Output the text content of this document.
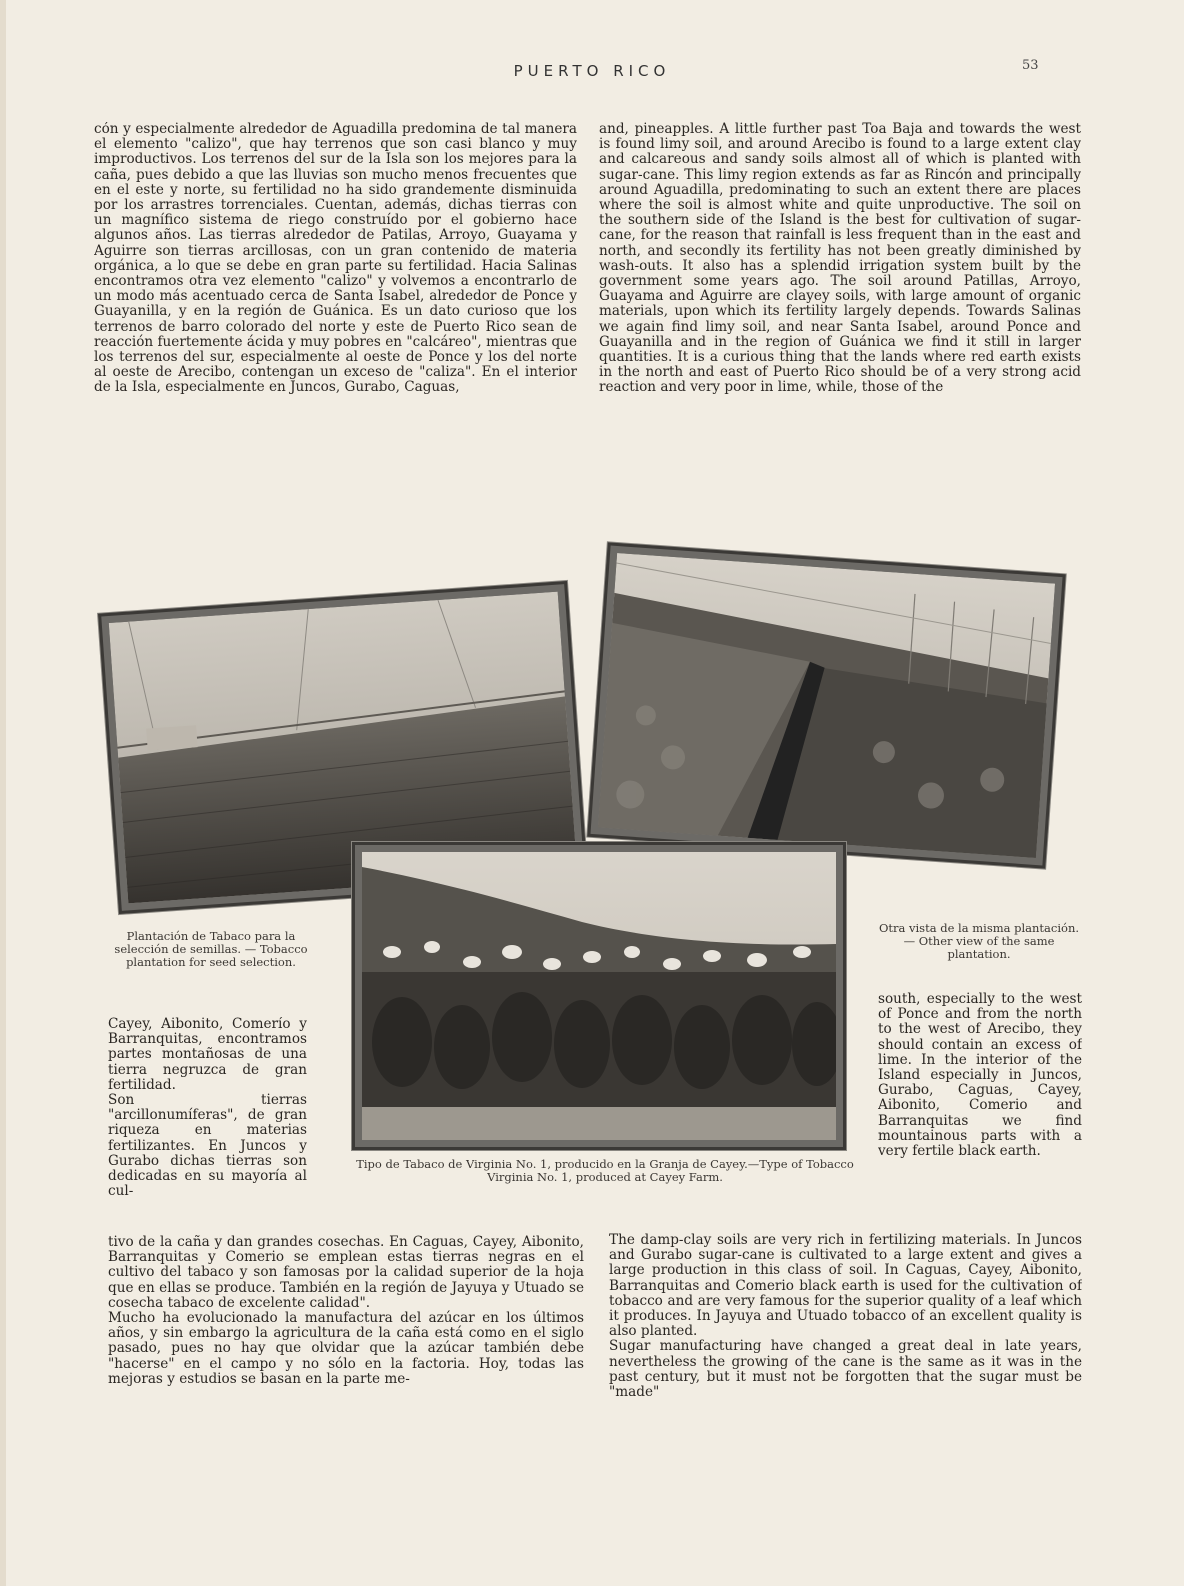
PUERTO RICO	53
cón y especialmente alrededor de Aguadilla predomina de tal manera el elemento "calizo", que hay terrenos que son casi blanco y muy improductivos. Los terrenos del sur de la Isla son los mejores para la caña, pues debido a que las lluvias son mucho menos frecuentes que en el este y norte, su fertilidad no ha sido grandemente disminuida por los arrastres torrenciales. Cuentan, además, dichas tierras con un magnífico sistema de riego construído por el gobierno hace algunos años. Las tierras alrededor de Patilas, Arroyo, Guayama y Aguirre son tierras arcillosas, con un gran contenido de materia orgánica, a lo que se debe en gran parte su fertilidad. Hacia Salinas encontramos otra vez elemento "calizo" y volvemos a encontrarlo de un modo más acentuado cerca de Santa Isabel, alrededor de Ponce y Guayanilla, y en la región de Guánica. Es un dato curioso que los terrenos de barro colorado del norte y este de Puerto Rico sean de reacción fuertemente ácida y muy pobres en "calcáreo", mientras que los terrenos del sur, especialmente al oeste de Ponce y los del norte al oeste de Arecibo, contengan un exceso de "caliza". En el interior de la Isla, especialmente en Juncos, Gurabo, Caguas,
and, pineapples. A little further past Toa Baja and towards the west is found limy soil, and around Arecibo is found to a large extent clay and calcareous and sandy soils almost all of which is planted with sugar-cane. This limy region extends as far as Rincón and principally around Aguadilla, predominating to such an extent there are places where the soil is almost white and quite unproductive. The soil on the southern side of the Island is the best for cultivation of sugar-cane, for the reason that rainfall is less frequent than in the east and north, and secondly its fertility has not been greatly diminished by wash-outs. It also has a splendid irrigation system built by the government some years ago. The soil around Patillas, Arroyo, Guayama and Aguirre are clayey soils, with large amount of organic materials, upon which its fertility largely depends. Towards Salinas we again find limy soil, and near Santa Isabel, around Ponce and Guayanilla and in the region of Guánica we find it still in larger quantities. It is a curious thing that the lands where red earth exists in the north and east of Puerto Rico should be of a very strong acid reaction and very poor in lime, while, those of the
Plantación de Tabaco para la selección de semillas. — Tobacco plantation for seed selection.
Otra vista de la misma plantación. — Other view of the same plantation.
Tipo de Tabaco de Virginia No. 1, producido en la Granja de Cayey.—Type of Tobacco Virginia No. 1, produced at Cayey Farm.
Cayey, Aibonito, Comerío y Barranquitas, encontramos partes montañosas de una tierra negruzca de gran fertilidad.
Son tierras "arcillonumíferas", de gran riqueza en materias fertilizantes. En Juncos y Gurabo dichas tierras son dedicadas en su mayoría al cul-
south, especially to the west of Ponce and from the north to the west of Arecibo, they should contain an excess of lime. In the interior of the Island especially in Juncos, Gurabo, Caguas, Cayey, Aibonito, Comerio and Barranquitas we find mountainous parts with a very fertile black earth.
tivo de la caña y dan grandes cosechas. En Caguas, Cayey, Aibonito, Barranquitas y Comerio se emplean estas tierras negras en el cultivo del tabaco y son famosas por la calidad superior de la hoja que en ellas se produce. También en la región de Jayuya y Utuado se cosecha tabaco de excelente calidad".
Mucho ha evolucionado la manufactura del azúcar en los últimos años, y sin embargo la agricultura de la caña está como en el siglo pasado, pues no hay que olvidar que la azúcar también debe "hacerse" en el campo y no sólo en la factoria. Hoy, todas las mejoras y estudios se basan en la parte me-
The damp-clay soils are very rich in fertilizing materials. In Juncos and Gurabo sugar-cane is cultivated to a large extent and gives a large production in this class of soil. In Caguas, Cayey, Aibonito, Barranquitas and Comerio black earth is used for the cultivation of tobacco and are very famous for the superior quality of a leaf which it produces. In Jayuya and Utuado tobacco of an excellent quality is also planted.
Sugar manufacturing have changed a great deal in late years, nevertheless the growing of the cane is the same as it was in the past century, but it must not be forgotten that the sugar must be "made"
